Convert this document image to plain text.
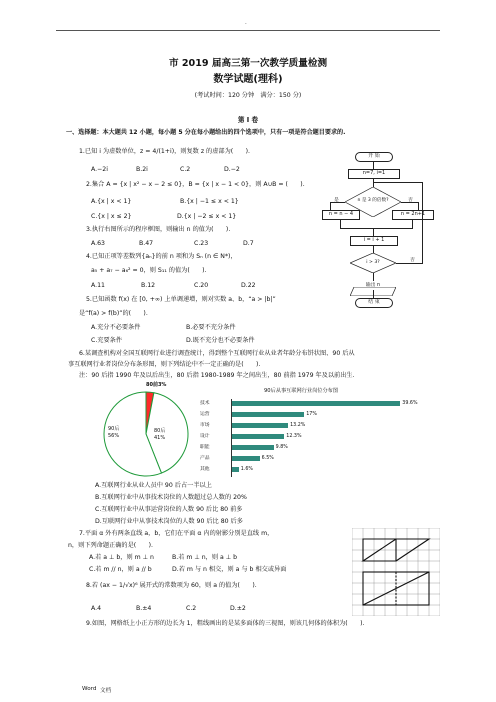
.
市 2019 届高三第一次教学质量检测
数学试题(理科)
(考试时间：120 分钟　满分：150 分)
第 I 卷
一、选择题：本大题共 12 小题，每小题 5 分在每小题给出的四个选项中，只有一项是符合题目要求的.
1.已知 i 为虚数单位，z = 4/(1+i)，则复数 z 的虚部为(　　).
A.−2i	B.2i	C.2	D.−2
2.集合 A = {x | x² − x − 2 ≤ 0}，B = {x | x − 1 < 0}，则 A∪B = (　　).
A.{x | x < 1}	B.{x | −1 ≤ x < 1}
C.{x | x ≤ 2}	D.{x | −2 ≤ x < 1}
3.执行右图所示的程序框图，则输出 n 的值为(　　).
A.63	B.47	C.23	D.7
4.已知正项等差数列{aₙ}的前 n 项和为 Sₙ (n ∈ N*)，
a₅ + a₇ − a₆² = 0，则 S₁₁ 的值为(　　).
A.11	B.12	C.20	D.22
5.已知函数 f(x) 在 [0, +∞) 上单调递增，则对实数 a、b，“a > |b|”
是“f(a) > f(b)”的(　　).
A.充分不必要条件	B.必要不充分条件
C.充要条件	D.既不充分也不必要条件
开 始
n=7, i=1
n 是 3 的倍数?
是	否
n = n − 4	n = 2n+1
i = i + 1
i > 3?	否
输出 n
结 束
6.某调查机构对全国互联网行业进行调查统计，得到整个互联网行业从业者年龄分布饼状图、90 后从
事互联网行业者岗位分布条形图，则下列结论中不一定正确的是(　　).
注：90 后指 1990 年及以后出生，80 后指 1980-1989 年之间出生，80 前指 1979 年及以前出生.
90后
56%
80后
41%
80前3%
90后从事互联网行业岗位分布图
技术	39.6%
运营	17%
市场	13.2%
设计	12.3%
职能	9.8%
产品	6.5%
其他	1.6%
A.互联网行业从业人员中 90 后占一半以上
B.互联网行业中从事技术岗位的人数超过总人数的 20%
C.互联网行业中从事运营岗位的人数 90 后比 80 前多
D.互联网行业中从事技术岗位的人数 90 后比 80 后多
7.平面 α 外有两条直线 a，b，它们在平面 α 内的射影分别是直线 m，
n，则下列命题正确的是(　　).
A.若 a ⊥ b，则 m ⊥ n	B.若 m ⊥ n，则 a ⊥ b
C.若 m // n，则 a // b	D.若 m 与 n 相交，则 a 与 b 相交或异面
8.若 (ax − 1/√x)⁶ 展开式的常数项为 60，则 a 的值为(　　).
A.4	B.±4	C.2	D.±2
9.如图，网格纸上小正方形的边长为 1，粗线画出的是某多面体的三视图，则该几何体的体积为(　　).
Word 文档
